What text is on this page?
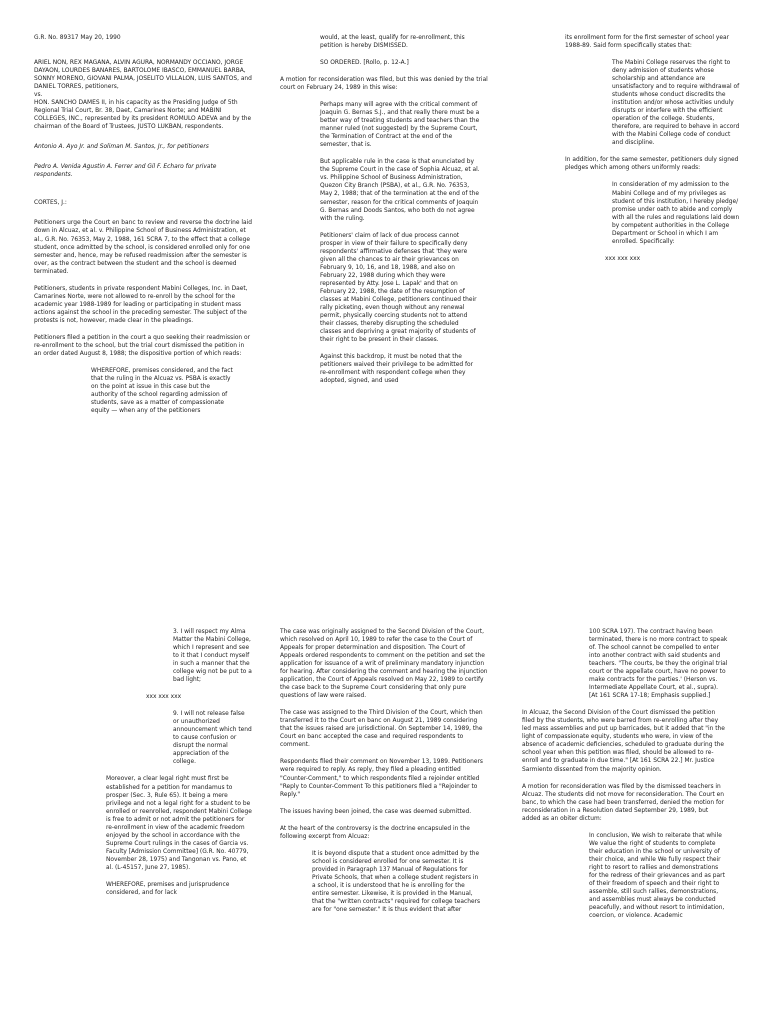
G.R. No. 89317 May 20, 1990

ARIEL NON, REX MAGANA, ALVIN AGURA, NORMANDY OCCIANO, JORGE DAYAON, LOURDES BANARES, BARTOLOME IBASCO, EMMANUEL BARBA, SONNY MORENO, GIOVANI PALMA, JOSELITO VILLALON, LUIS SANTOS, and DANIEL TORRES, petitioners,

vs.

HON. SANCHO DAMES II, in his capacity as the Presiding Judge of 5th Regional Trial Court, Br. 38, Daet, Camarines Norte; and MABINI COLLEGES, INC., represented by its president ROMULO ADEVA and by the chairman of the Board of Trustees, JUSTO LUKBAN, respondents.

Antonio A. Ayo Jr. and Soliman M. Santos, Jr., for petitioners

Pedro A. Venida Agustin A. Ferrer and Gil F. Echaro for private respondents.

CORTES, J.:

Petitioners urge the Court en banc to review and reverse the doctrine laid down in Alcuaz, et al. v. Philippine School of Business Administration, et al., G.R. No. 76353, May 2, 1988, 161 SCRA 7, to the effect that a college student, once admitted by the school, is considered enrolled only for one semester and, hence, may be refused readmission after the semester is over, as the contract between the student and the school is deemed terminated.

Petitioners, students in private respondent Mabini Colleges, Inc. in Daet, Camarines Norte, were not allowed to re-enroll by the school for the academic year 1988-1989 for leading or participating in student mass actions against the school in the preceding semester. The subject of the protests is not, however, made clear in the pleadings.

Petitioners filed a petition in the court a quo seeking their readmission or re-enrollment to the school, but the trial court dismissed the petition in an order dated August 8, 1988; the dispositive portion of which reads:

WHEREFORE, premises considered, and the fact that the ruling in the Alcuaz vs. PSBA is exactly on the point at issue in this case but the authority of the school regarding admission of students, save as a matter of compassionate equity — when any of the petitioners

would, at the least, qualify for re-enrollment, this petition is hereby DISMISSED.

SO ORDERED. [Rollo, p. 12-A.]

A motion for reconsideration was filed, but this was denied by the trial court on February 24, 1989 in this wise:

Perhaps many will agree with the critical comment of Joaquin G. Bernas S.J., and that really there must be a better way of treating students and teachers than the manner ruled (not suggested) by the Supreme Court, the Termination of Contract at the end of the semester, that is.

But applicable rule in the case is that enunciated by the Supreme Court in the case of Sophia Alcuaz, et al. vs. Philippine School of Business Administration, Quezon City Branch (PSBA), et al., G.R. No. 76353, May 2, 1988; that of the termination at the end of the semester, reason for the critical comments of Joaquin G. Bernas and Doods Santos, who both do not agree with the ruling.

Petitioners' claim of lack of due process cannot prosper in view of their failure to specifically deny respondents' affirmative defenses that 'they were given all the chances to air their grievances on February 9, 10, 16, and 18, 1988, and also on February 22, 1988 during which they were represented by Atty. Jose L. Lapak' and that on February 22, 1988, the date of the resumption of classes at Mabini College, petitioners continued their rally picketing, even though without any renewal permit, physically coercing students not to attend their classes, thereby disrupting the scheduled classes and depriving a great majority of students of their right to be present in their classes.

Against this backdrop, it must be noted that the petitioners waived their privilege to be admitted for re-enrollment with respondent college when they adopted, signed, and used

its enrollment form for the first semester of school year 1988-89. Said form specifically states that:

The Mabini College reserves the right to deny admission of students whose scholarship and attendance are unsatisfactory and to require withdrawal of students whose conduct discredits the institution and/or whose activities unduly disrupts or interfere with the efficient operation of the college. Students, therefore, are required to behave in accord with the Mabini College code of conduct and discipline.

In addition, for the same semester, petitioners duly signed pledges which among others uniformly reads:

In consideration of my admission to the Mabini College and of my privileges as student of this institution, I hereby pledge/ promise under oath to abide and comply with all the rules and regulations laid down by competent authorities in the College Department or School in which I am enrolled. Specifically:

xxx xxx xxx

3. I will respect my Alma Matter the Mabini College, which I represent and see to it that I conduct myself in such a manner that the college wig not be put to a bad light;

xxx xxx xxx

9. I will not release false or unauthorized announcement which tend to cause confusion or disrupt the normal appreciation of the college.

Moreover, a clear legal right must first be established for a petition for mandamus to prosper (Sec. 3, Rule 65). It being a mere privilege and not a legal right for a student to be enrolled or reenrolled, respondent Mabini College is free to admit or not admit the petitioners for re-enrollment in view of the academic freedom enjoyed by the school in accordance with the Supreme Court rulings in the cases of Garcia vs. Faculty [Admission Committee] (G.R. No. 40779, November 28, 1975) and Tangonan vs. Pano, et al. (L-45157, June 27, 1985).

WHEREFORE, premises and jurisprudence considered, and for lack

The case was originally assigned to the Second Division of the Court, which resolved on April 10, 1989 to refer the case to the Court of Appeals for proper determination and disposition. The Court of Appeals ordered respondents to comment on the petition and set the application for issuance of a writ of preliminary mandatory injunction for hearing. After considering the comment and hearing the injunction application, the Court of Appeals resolved on May 22, 1989 to certify the case back to the Supreme Court considering that only pure questions of law were raised.

The case was assigned to the Third Division of the Court, which then transferred it to the Court en banc on August 21, 1989 considering that the issues raised are jurisdictional. On September 14, 1989, the Court en banc accepted the case and required respondents to comment.

Respondents filed their comment on November 13, 1989. Petitioners were required to reply. As reply, they filed a pleading entitled "Counter-Comment," to which respondents filed a rejoinder entitled "Reply to Counter-Comment To this petitioners filed a "Rejoinder to Reply."

The issues having been joined, the case was deemed submitted.

At the heart of the controversy is the doctrine encapsuled in the following excerpt from Alcuaz:

It is beyond dispute that a student once admitted by the school is considered enrolled for one semester. It is provided in Paragraph 137 Manual of Regulations for Private Schools, that when a college student registers in a school, it is understood that he is enrolling for the entire semester. Likewise, it is provided in the Manual, that the "written contracts" required for college teachers are for "one semester." It is thus evident that after

100 SCRA 197). The contract having been terminated, there is no more contract to speak of. The school cannot be compelled to enter into another contract with said students and teachers. "The courts, be they the original trial court or the appellate court, have no power to make contracts for the parties.' (Herson vs. Intermediate Appellate Court, et al., supra). [At 161 SCRA 17-18; Emphasis supplied.]

In Alcuaz, the Second Division of the Court dismissed the petition filed by the students, who were barred from re-enrolling after they led mass assemblies and put up barricades, but it added that "in the light of compassionate equity, students who were, in view of the absence of academic deficiencies, scheduled to graduate during the school year when this petition was filed, should be allowed to re-enroll and to graduate in due time." [At 161 SCRA 22.] Mr. Justice Sarmiento dissented from the majority opinion.

A motion for reconsideration was filed by the dismissed teachers in Alcuaz. The students did not move for reconsideration. The Court en banc, to which the case had been transferred, denied the motion for reconsideration in a Resolution dated September 29, 1989, but added as an obiter dictum:

In conclusion, We wish to reiterate that while We value the right of students to complete their education in the school or university of their choice, and while We fully respect their right to resort to rallies and demonstrations for the redress of their grievances and as part of their freedom of speech and their right to assemble, still such rallies, demonstrations, and assemblies must always be conducted peacefully, and without resort to intimidation, coercion, or violence. Academic
